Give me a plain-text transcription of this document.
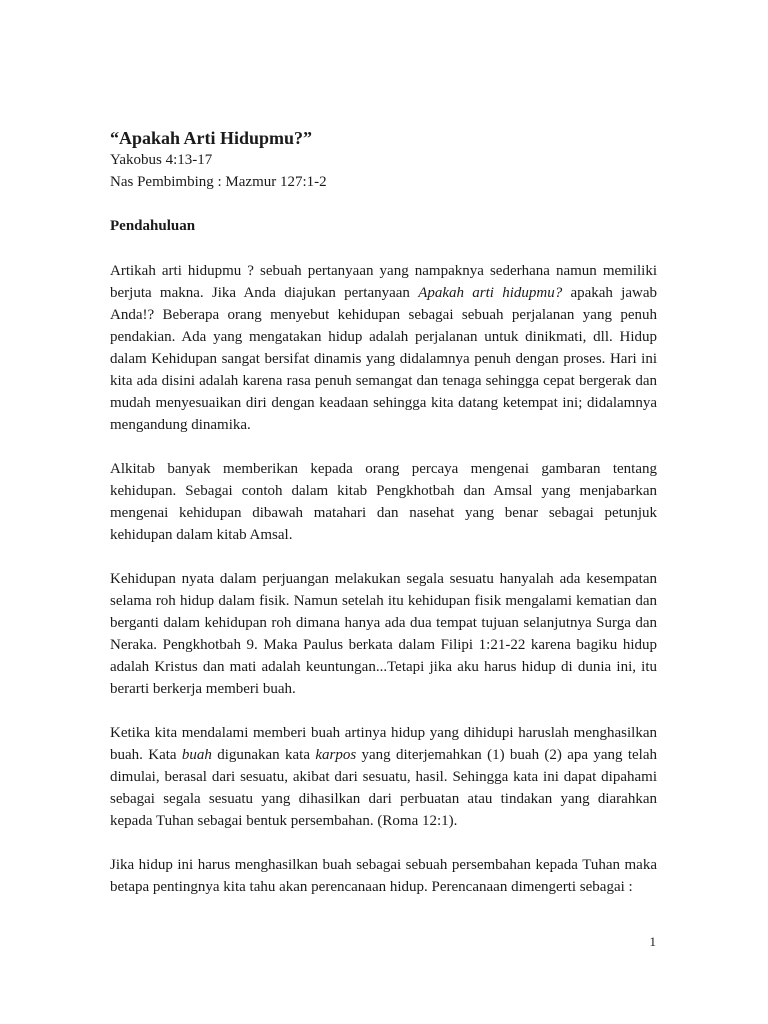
“Apakah Arti Hidupmu?”

Yakobus 4:13-17

Nas Pembimbing : Mazmur 127:1-2

Pendahuluan

Artikah arti hidupmu ? sebuah pertanyaan yang nampaknya sederhana namun memiliki berjuta makna. Jika Anda diajukan pertanyaan Apakah arti hidupmu? apakah jawab Anda!? Beberapa orang menyebut kehidupan sebagai sebuah perjalanan yang penuh pendakian. Ada yang mengatakan hidup adalah perjalanan untuk dinikmati, dll. Hidup dalam Kehidupan sangat bersifat dinamis yang didalamnya penuh dengan proses. Hari ini kita ada disini adalah karena rasa penuh semangat dan tenaga sehingga cepat bergerak dan mudah menyesuaikan diri dengan keadaan sehingga kita datang ketempat ini; didalamnya mengandung dinamika.

Alkitab banyak memberikan kepada orang percaya mengenai gambaran tentang kehidupan. Sebagai contoh dalam kitab Pengkhotbah dan Amsal yang menjabarkan mengenai kehidupan dibawah matahari dan nasehat yang benar sebagai petunjuk kehidupan dalam kitab Amsal.

Kehidupan nyata dalam perjuangan melakukan segala sesuatu hanyalah ada kesempatan selama roh hidup dalam fisik. Namun setelah itu kehidupan fisik mengalami kematian dan berganti dalam kehidupan roh dimana hanya ada dua tempat tujuan selanjutnya Surga dan Neraka. Pengkhotbah 9. Maka Paulus berkata dalam Filipi 1:21-22 karena bagiku hidup adalah Kristus dan mati adalah keuntungan...Tetapi jika aku harus hidup di dunia ini, itu berarti berkerja memberi buah.

Ketika kita mendalami memberi buah artinya hidup yang dihidupi haruslah menghasilkan buah. Kata buah digunakan kata karpos yang diterjemahkan (1) buah (2) apa yang telah dimulai, berasal dari sesuatu, akibat dari sesuatu, hasil. Sehingga kata ini dapat dipahami sebagai segala sesuatu yang dihasilkan dari perbuatan atau tindakan yang diarahkan kepada Tuhan sebagai bentuk persembahan. (Roma 12:1).

Jika hidup ini harus menghasilkan buah sebagai sebuah persembahan kepada Tuhan maka betapa pentingnya kita tahu akan perencanaan hidup. Perencanaan dimengerti sebagai :

1
